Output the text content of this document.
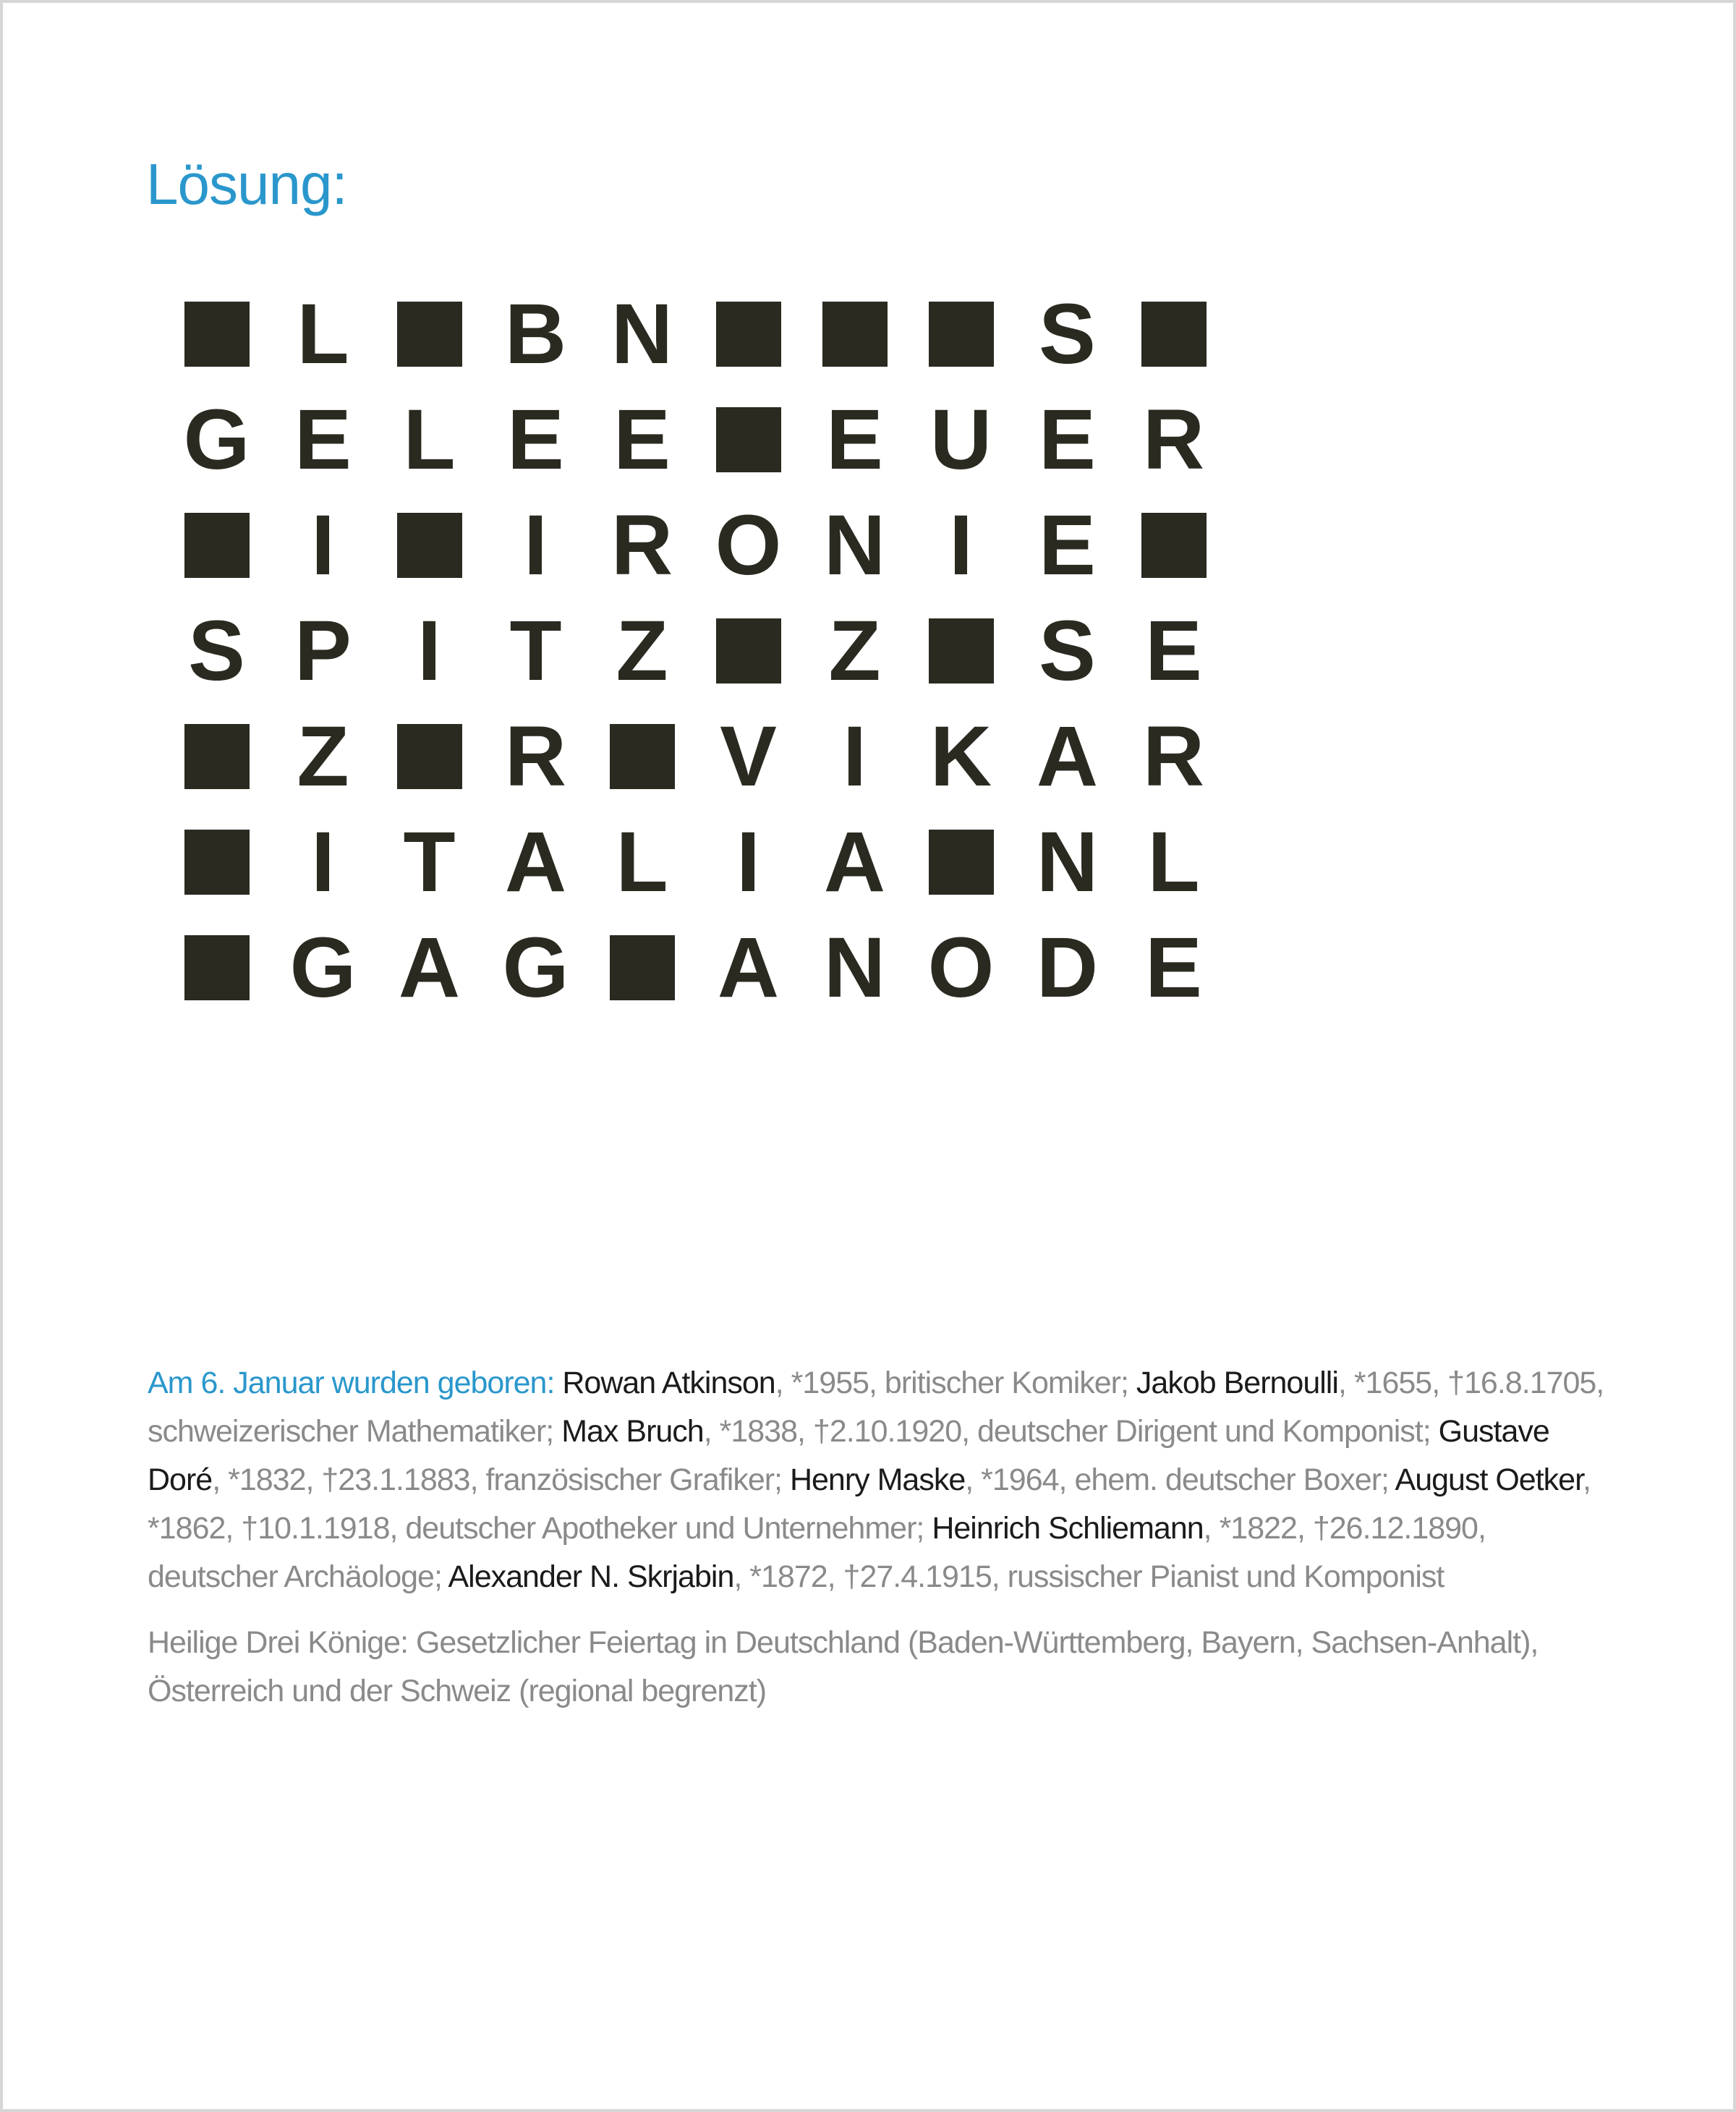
Lösung:
L B N	S
G E L E E E U E R
I I R O N I E
S P I T Z Z S E
Z R V I K A R
I T A L I A N L
G A G A N O D E

Am 6. Januar wurden geboren: Rowan Atkinson, *1955, britischer Komiker; Jakob Bernoulli, *1655, †16.8.1705, schweizerischer Mathematiker; Max Bruch, *1838, †2.10.1920, deutscher Dirigent und Komponist; Gustave Doré, *1832, †23.1.1883, französischer Grafiker; Henry Maske, *1964, ehem. deutscher Boxer; August Oetker, *1862, †10.1.1918, deutscher Apotheker und Unternehmer; Heinrich Schliemann, *1822, †26.12.1890, deutscher Archäologe; Alexander N. Skrjabin, *1872, †27.4.1915, russischer Pianist und Komponist

Heilige Drei Könige: Gesetzlicher Feiertag in Deutschland (Baden-Württemberg, Bayern, Sachsen-Anhalt), Österreich und der Schweiz (regional begrenzt)
